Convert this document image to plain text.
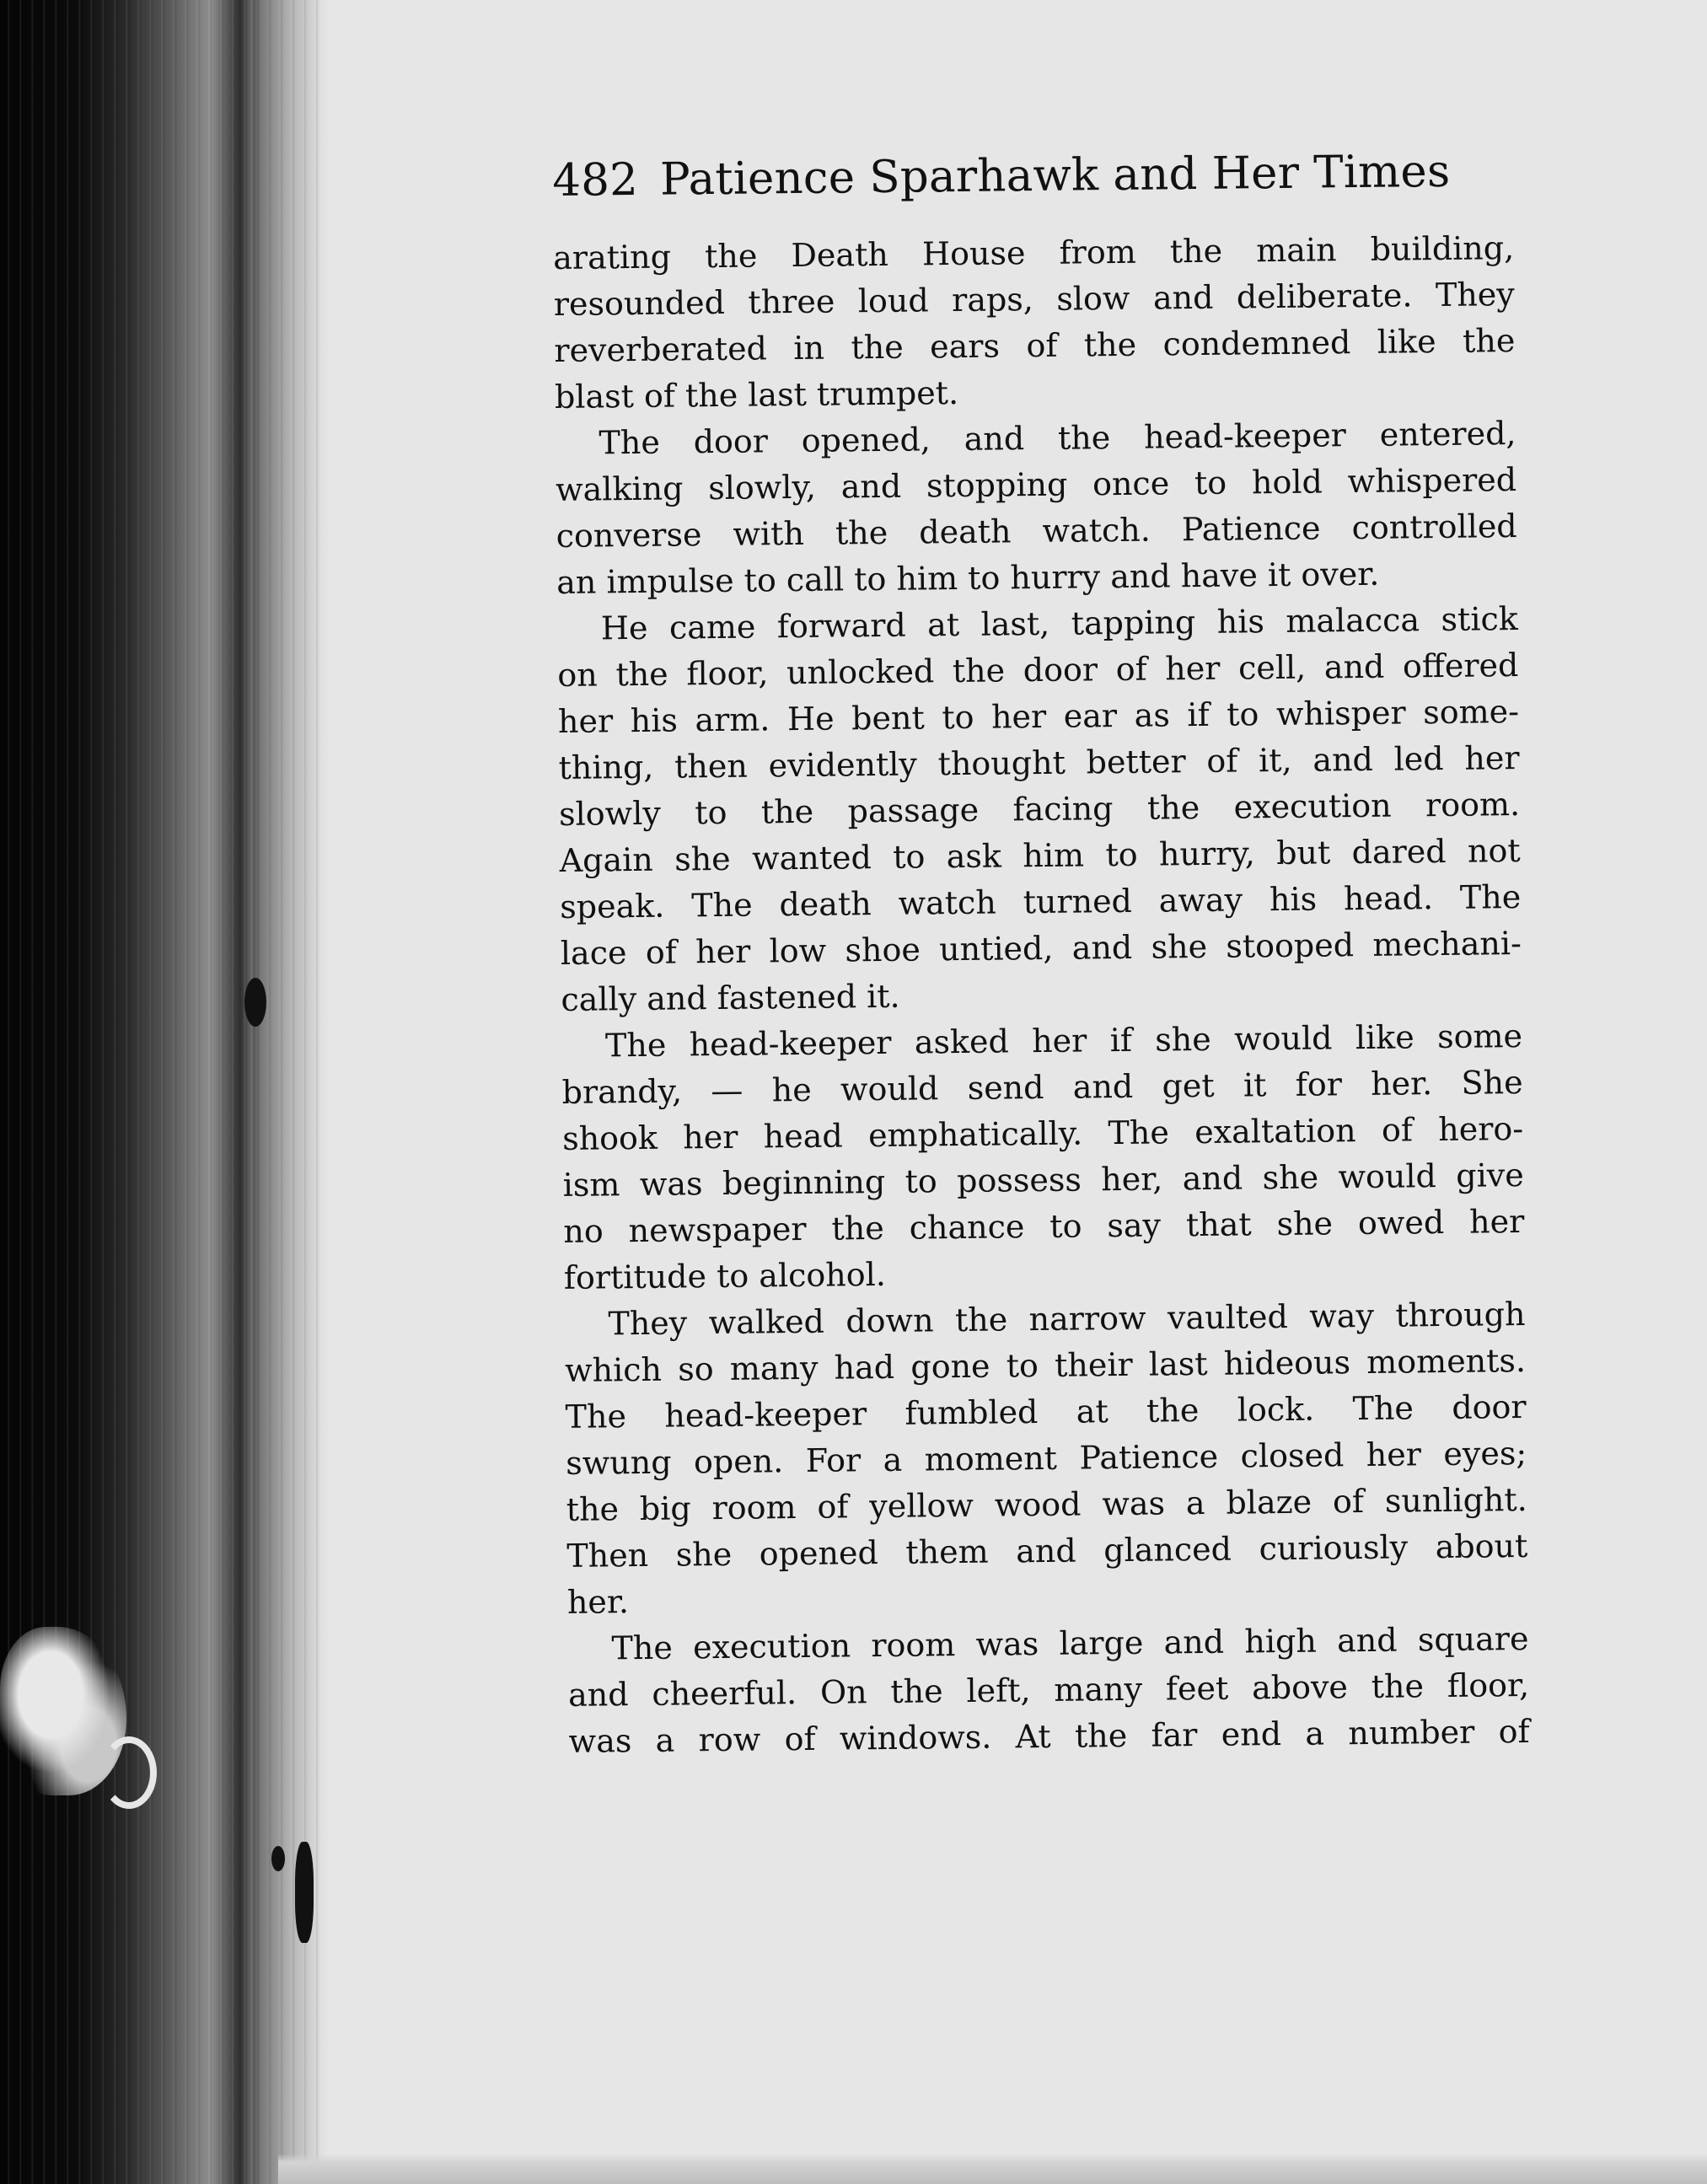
482 Patience Sparhawk and Her Times
arating the Death House from the main building,
resounded three loud raps, slow and deliberate. They
reverberated in the ears of the condemned like the
blast of the last trumpet.
The door opened, and the head-keeper entered,
walking slowly, and stopping once to hold whispered
converse with the death watch. Patience controlled
an impulse to call to him to hurry and have it over.
He came forward at last, tapping his malacca stick
on the floor, unlocked the door of her cell, and offered
her his arm. He bent to her ear as if to whisper some-
thing, then evidently thought better of it, and led her
slowly to the passage facing the execution room.
Again she wanted to ask him to hurry, but dared not
speak. The death watch turned away his head. The
lace of her low shoe untied, and she stooped mechani-
cally and fastened it.
The head-keeper asked her if she would like some
brandy, — he would send and get it for her. She
shook her head emphatically. The exaltation of hero-
ism was beginning to possess her, and she would give
no newspaper the chance to say that she owed her
fortitude to alcohol.
They walked down the narrow vaulted way through
which so many had gone to their last hideous moments.
The head-keeper fumbled at the lock. The door
swung open. For a moment Patience closed her eyes;
the big room of yellow wood was a blaze of sunlight.
Then she opened them and glanced curiously about
her.
The execution room was large and high and square
and cheerful. On the left, many feet above the floor,
was a row of windows. At the far end a number of
